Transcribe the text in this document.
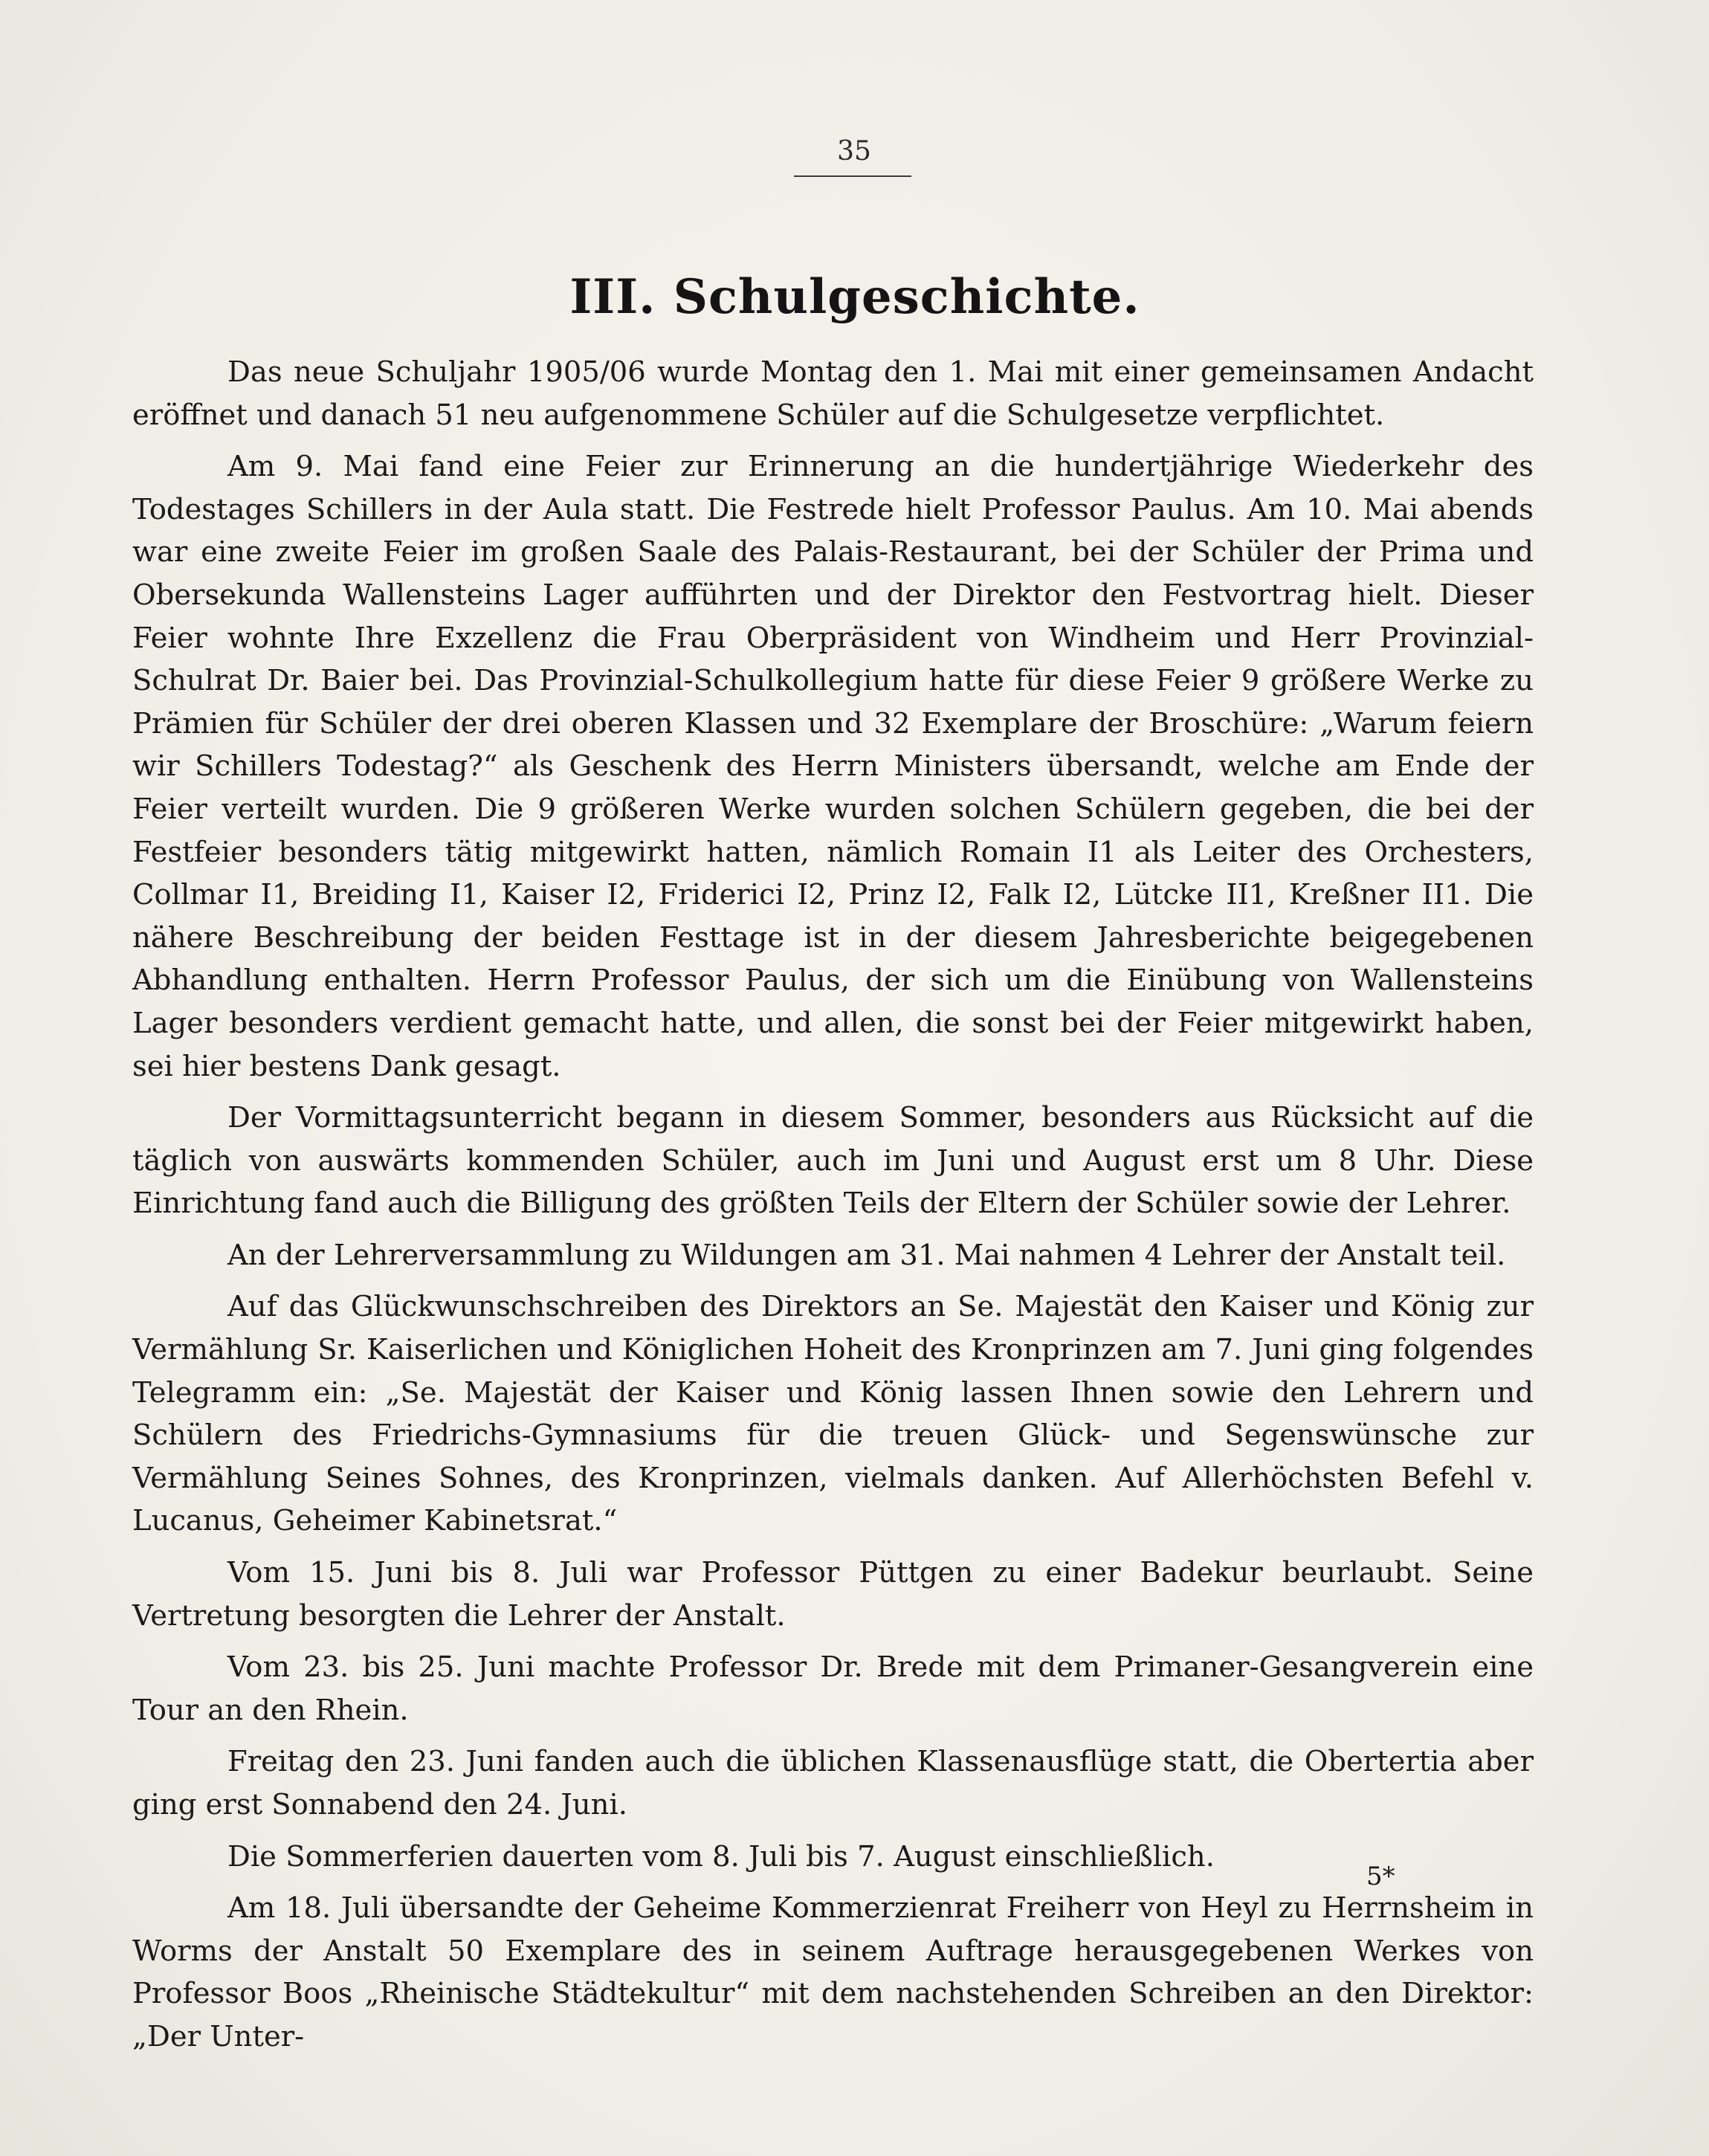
35
III. Schulgeschichte.

Das neue Schuljahr 1905/06 wurde Montag den 1. Mai mit einer gemeinsamen Andacht eröffnet und danach 51 neu aufgenommene Schüler auf die Schulgesetze verpflichtet.

Am 9. Mai fand eine Feier zur Erinnerung an die hundertjährige Wiederkehr des Todestages Schillers in der Aula statt. Die Festrede hielt Professor Paulus. Am 10. Mai abends war eine zweite Feier im großen Saale des Palais-Restaurant, bei der Schüler der Prima und Obersekunda Wallensteins Lager aufführten und der Direktor den Festvortrag hielt. Dieser Feier wohnte Ihre Exzellenz die Frau Oberpräsident von Windheim und Herr Provinzial-Schulrat Dr. Baier bei. Das Provinzial-Schulkollegium hatte für diese Feier 9 größere Werke zu Prämien für Schüler der drei oberen Klassen und 32 Exemplare der Broschüre: „Warum feiern wir Schillers Todestag?“ als Geschenk des Herrn Ministers übersandt, welche am Ende der Feier verteilt wurden. Die 9 größeren Werke wurden solchen Schülern gegeben, die bei der Festfeier besonders tätig mitgewirkt hatten, nämlich Romain I1 als Leiter des Orchesters, Collmar I1, Breiding I1, Kaiser I2, Friderici I2, Prinz I2, Falk I2, Lütcke II1, Kreßner II1. Die nähere Beschreibung der beiden Festtage ist in der diesem Jahresberichte beigegebenen Abhandlung enthalten. Herrn Professor Paulus, der sich um die Einübung von Wallensteins Lager besonders verdient gemacht hatte, und allen, die sonst bei der Feier mitgewirkt haben, sei hier bestens Dank gesagt.

Der Vormittagsunterricht begann in diesem Sommer, besonders aus Rücksicht auf die täglich von auswärts kommenden Schüler, auch im Juni und August erst um 8 Uhr. Diese Einrichtung fand auch die Billigung des größten Teils der Eltern der Schüler sowie der Lehrer.

An der Lehrerversammlung zu Wildungen am 31. Mai nahmen 4 Lehrer der Anstalt teil.

Auf das Glückwunschschreiben des Direktors an Se. Majestät den Kaiser und König zur Vermählung Sr. Kaiserlichen und Königlichen Hoheit des Kronprinzen am 7. Juni ging folgendes Telegramm ein: „Se. Majestät der Kaiser und König lassen Ihnen sowie den Lehrern und Schülern des Friedrichs-Gymnasiums für die treuen Glück- und Segenswünsche zur Vermählung Seines Sohnes, des Kronprinzen, vielmals danken. Auf Allerhöchsten Befehl v. Lucanus, Geheimer Kabinetsrat.“

Vom 15. Juni bis 8. Juli war Professor Püttgen zu einer Badekur beurlaubt. Seine Vertretung besorgten die Lehrer der Anstalt.

Vom 23. bis 25. Juni machte Professor Dr. Brede mit dem Primaner-Gesangverein eine Tour an den Rhein.

Freitag den 23. Juni fanden auch die üblichen Klassenausflüge statt, die Obertertia aber ging erst Sonnabend den 24. Juni.

Die Sommerferien dauerten vom 8. Juli bis 7. August einschließlich.

Am 18. Juli übersandte der Geheime Kommerzienrat Freiherr von Heyl zu Herrnsheim in Worms der Anstalt 50 Exemplare des in seinem Auftrage herausgegebenen Werkes von Professor Boos „Rheinische Städtekultur“ mit dem nachstehenden Schreiben an den Direktor: „Der Unter-

5*
